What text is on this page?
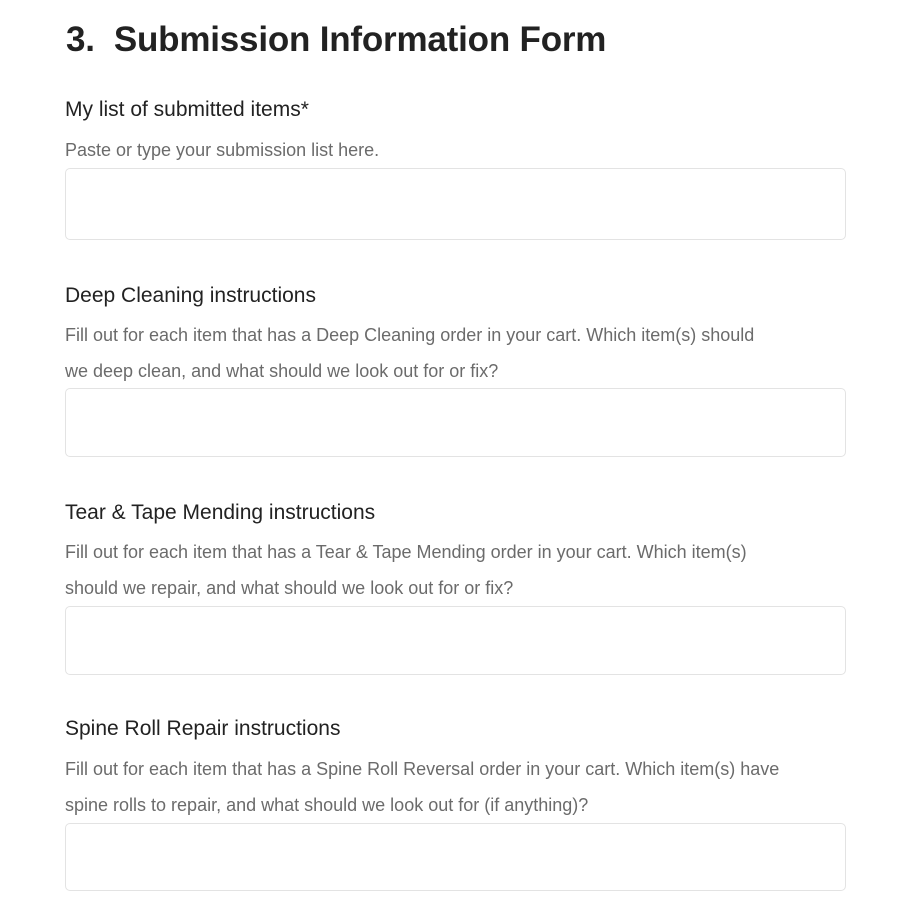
3.  Submission Information Form
My list of submitted items*
Paste or type your submission list here.
Deep Cleaning instructions
Fill out for each item that has a Deep Cleaning order in your cart. Which item(s) should
we deep clean, and what should we look out for or fix?
Tear & Tape Mending instructions
Fill out for each item that has a Tear & Tape Mending order in your cart. Which item(s)
should we repair, and what should we look out for or fix?
Spine Roll Repair instructions
Fill out for each item that has a Spine Roll Reversal order in your cart. Which item(s) have
spine rolls to repair, and what should we look out for (if anything)?
